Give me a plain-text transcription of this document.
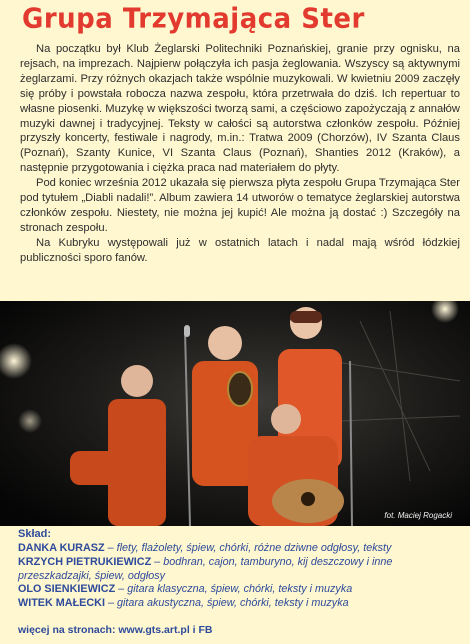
Grupa Trzymająca Ster

Na początku był Klub Żeglarski Politechniki Poznańskiej, granie przy ognisku, na rejsach, na imprezach. Najpierw połączyła ich pasja żeglowania. Wszyscy są aktywnymi żeglarzami. Przy różnych okazjach także wspólnie muzykowali. W kwietniu 2009 zaczęły się próby i powstała robocza nazwa zespołu, która przetrwała do dziś. Ich repertuar to własne piosenki. Muzykę w większości tworzą sami, a częściowo zapożyczają z annałów muzyki dawnej i tradycyjnej. Teksty w całości są autorstwa członków zespołu. Później przyszły koncerty, festiwale i nagrody, m.in.: Tratwa 2009 (Chorzów), IV Szanta Claus (Poznań), Szanty Kunice, VI Szanta Claus (Poznań), Shanties 2012 (Kraków), a następnie przygotowania i ciężka praca nad materiałem do płyty.

Pod koniec września 2012 ukazała się pierwsza płyta zespołu Grupa Trzymająca Ster pod tytułem „Diabli nadali!”. Album zawiera 14 utworów o tematyce żeglarskiej autorstwa członków zespołu. Niestety, nie można jej kupić! Ale można ją dostać :) Szczegóły na stronach zespołu.

Na Kubryku występowali już w ostatnich latach i nadal mają wśród łódzkiej publiczności sporo fanów.

fot. Maciej Rogacki
Skład:
DANKA KURASZ – flety, flażolety, śpiew, chórki, różne dziwne odgłosy, teksty
KRZYCH PIETRUKIEWICZ – bodhran, cajon, tamburyno, kij deszczowy i inne przeszkadzajki, śpiew, odgłosy
OLO SIENKIEWICZ – gitara klasyczna, śpiew, chórki, teksty i muzyka
WITEK MAŁECKI – gitara akustyczna, śpiew, chórki, teksty i muzyka
więcej na stronach: www.gts.art.pl i FB
